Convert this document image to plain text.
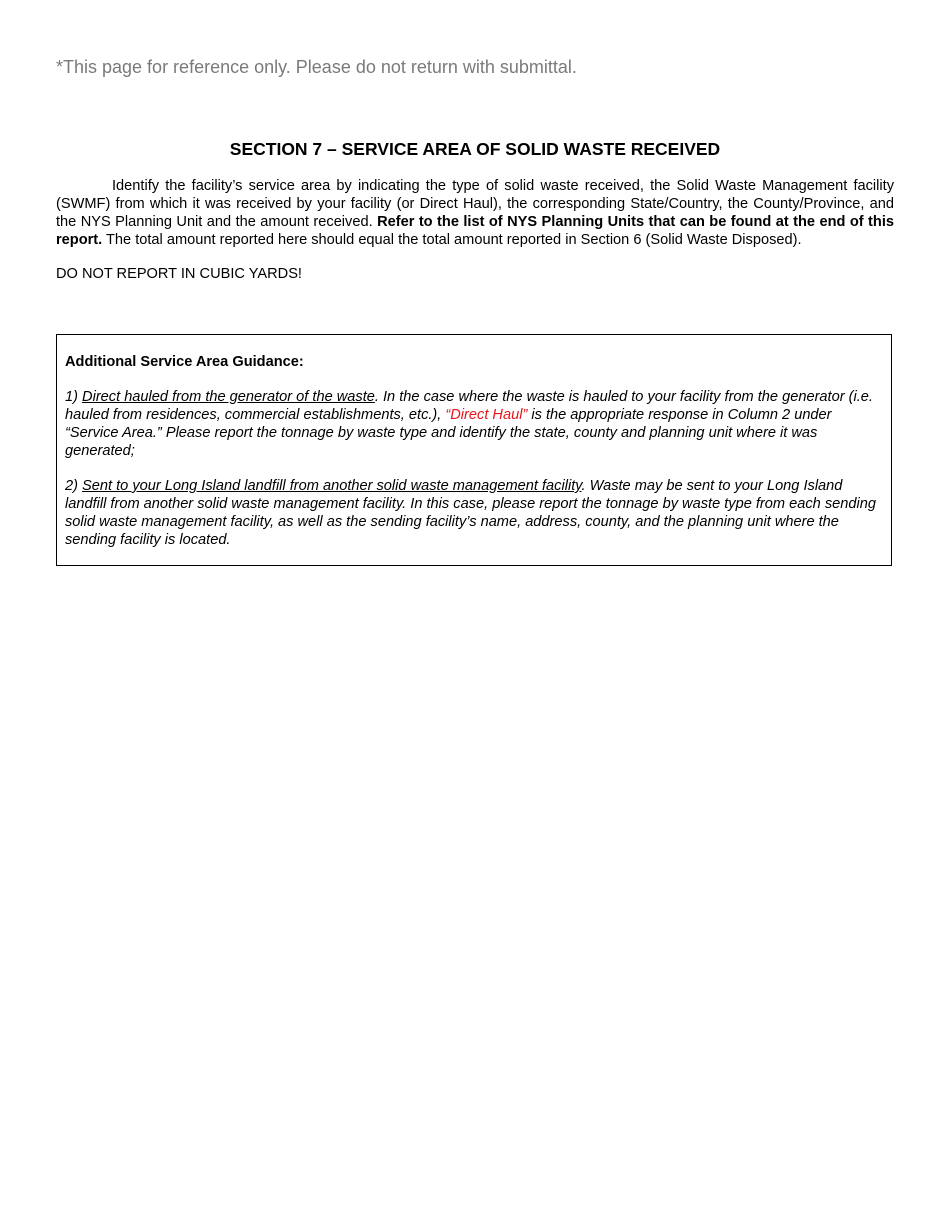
*This page for reference only. Please do not return with submittal.
SECTION 7 – SERVICE AREA OF SOLID WASTE RECEIVED

Identify the facility’s service area by indicating the type of solid waste received, the Solid Waste Management facility (SWMF) from which it was received by your facility (or Direct Haul), the corresponding State/Country, the County/Province, and the NYS Planning Unit and the amount received. Refer to the list of NYS Planning Units that can be found at the end of this report. The total amount reported here should equal the total amount reported in Section 6 (Solid Waste Disposed).

DO NOT REPORT IN CUBIC YARDS!
Additional Service Area Guidance:

1) Direct hauled from the generator of the waste. In the case where the waste is hauled to your facility from the generator (i.e. hauled from residences, commercial establishments, etc.), “Direct Haul” is the appropriate response in Column 2 under “Service Area.” Please report the tonnage by waste type and identify the state, county and planning unit where it was generated;

2) Sent to your Long Island landfill from another solid waste management facility. Waste may be sent to your Long Island landfill from another solid waste management facility. In this case, please report the tonnage by waste type from each sending solid waste management facility, as well as the sending facility’s name, address, county, and the planning unit where the sending facility is located.
